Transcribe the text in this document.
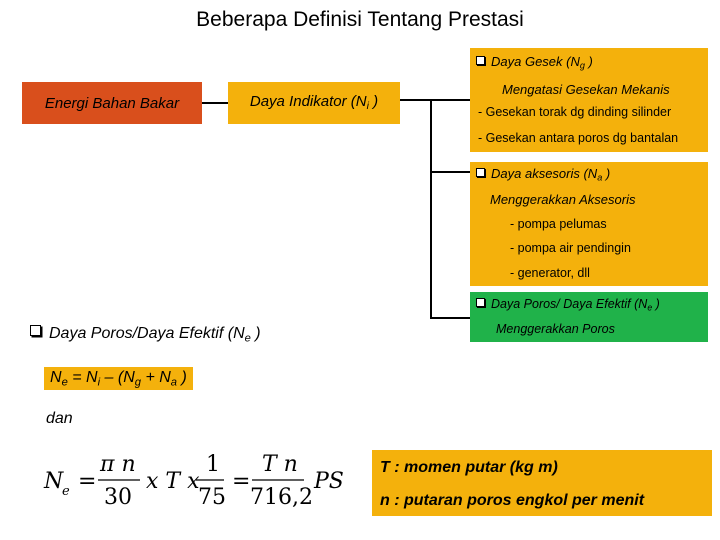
Beberapa Definisi Tentang Prestasi
Energi Bahan Bakar	Daya Indikator ($N_i$ )
Daya Gesek ($N_g$ )
Mengatasi Gesekan Mekanis
- Gesekan torak dg dinding silinder
- Gesekan antara poros dg bantalan
Daya aksesoris ($N_a$ )
Menggerakkan Aksesoris
- pompa pelumas
- pompa air pendingin
- generator, dll
Daya Poros/ Daya Efektif ($N_e$ )
Menggerakkan Poros
Daya Poros/Daya Efektif ($N_e$ )
$N_e = N_i - (N_g + N_a$ )
dan
N
e =
π n
30
x T x
1
75
=
T n
716,2
PS
T : momen putar (kg m)
n : putaran poros engkol per menit
